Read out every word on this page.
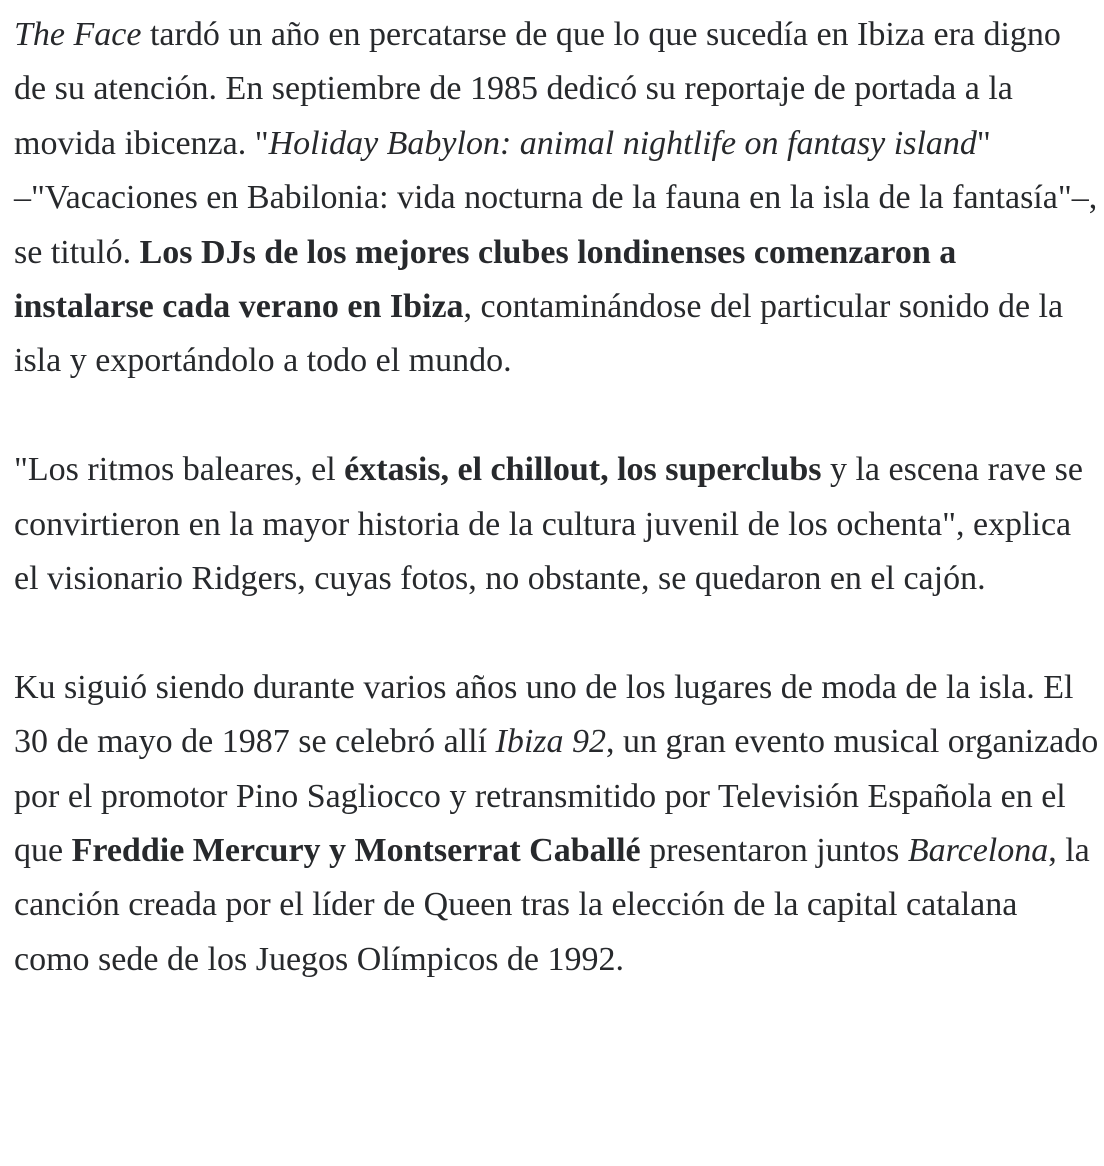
The Face tardó un año en percatarse de que lo que sucedía en Ibiza era digno de su atención. En septiembre de 1985 dedicó su reportaje de portada a la movida ibicenza. "Holiday Babylon: animal nightlife on fantasy island" –"Vacaciones en Babilonia: vida nocturna de la fauna en la isla de la fantasía"–, se tituló. Los DJs de los mejores clubes londinenses comenzaron a instalarse cada verano en Ibiza, contaminándose del particular sonido de la isla y exportándolo a todo el mundo.

"Los ritmos baleares, el éxtasis, el chillout, los superclubs y la escena rave se convirtieron en la mayor historia de la cultura juvenil de los ochenta", explica el visionario Ridgers, cuyas fotos, no obstante, se quedaron en el cajón.

Ku siguió siendo durante varios años uno de los lugares de moda de la isla. El 30 de mayo de 1987 se celebró allí Ibiza 92, un gran evento musical organizado por el promotor Pino Sagliocco y retransmitido por Televisión Española en el que Freddie Mercury y Montserrat Caballé presentaron juntos Barcelona, la canción creada por el líder de Queen tras la elección de la capital catalana como sede de los Juegos Olímpicos de 1992.
